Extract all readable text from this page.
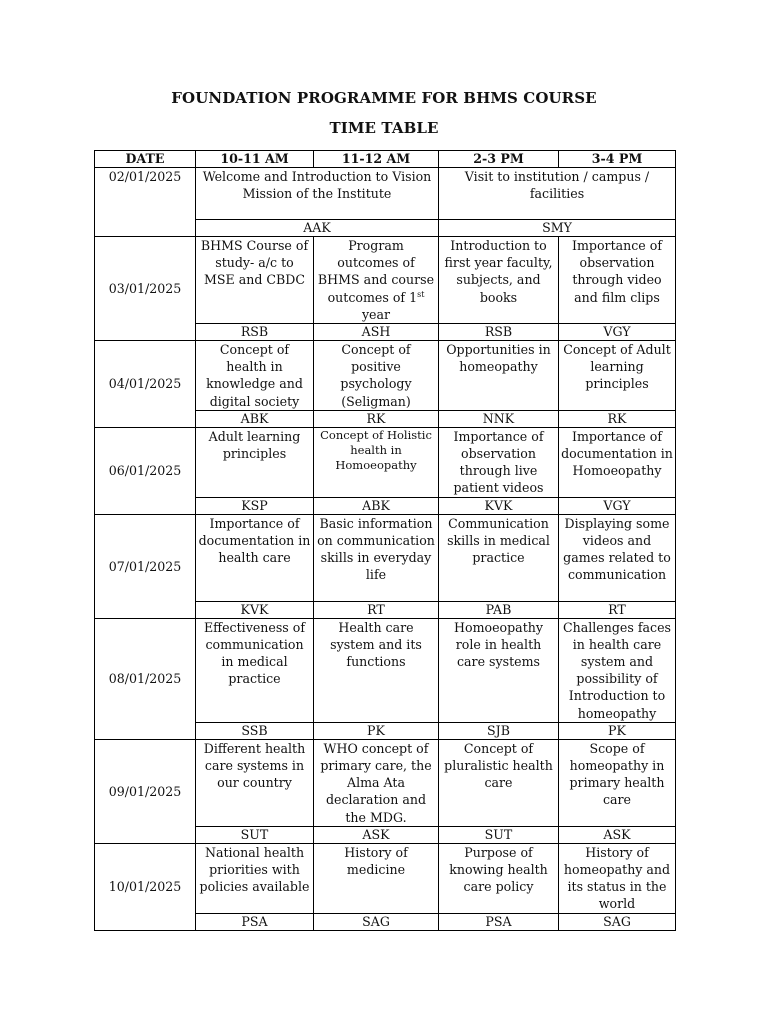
FOUNDATION PROGRAMME FOR BHMS COURSE
TIME TABLE
DATE	10-11 AM	11-12 AM	2-3 PM	3-4 PM
02/01/2025	Welcome and Introduction to Vision Mission of the Institute		Visit to institution / campus / facilities	
	AAK		SMY	
03/01/2025	BHMS Course of study- a/c to MSE and CBDC	Program outcomes of BHMS and course outcomes of 1st year	Introduction to first year faculty, subjects, and books	Importance of observation through video and film clips
	RSB	ASH	RSB	VGY
04/01/2025	Concept of health in knowledge and digital society	Concept of positive psychology (Seligman)	Opportunities in homeopathy	Concept of Adult learning principles
	ABK	RK	NNK	RK
06/01/2025	Adult learning principles	Concept of Holistic health in Homoeopathy	Importance of observation through live patient videos	Importance of documentation in Homoeopathy
	KSP	ABK	KVK	VGY
07/01/2025	Importance of documentation in health care	Basic information on communication skills in everyday life	Communication skills in medical practice	Displaying some videos and games related to communication
	KVK	RT	PAB	RT
08/01/2025	Effectiveness of communication in medical practice	Health care system and its functions	Homoeopathy role in health care systems	Challenges faces in health care system and possibility of Introduction to homeopathy
	SSB	PK	SJB	PK
09/01/2025	Different health care systems in our country	WHO concept of primary care, the Alma Ata declaration and the MDG.	Concept of pluralistic health care	Scope of homeopathy in primary health care
	SUT	ASK	SUT	ASK
10/01/2025	National health priorities with policies available	History of medicine	Purpose of knowing health care policy	History of homeopathy and its status in the world
	PSA	SAG	PSA	SAG
